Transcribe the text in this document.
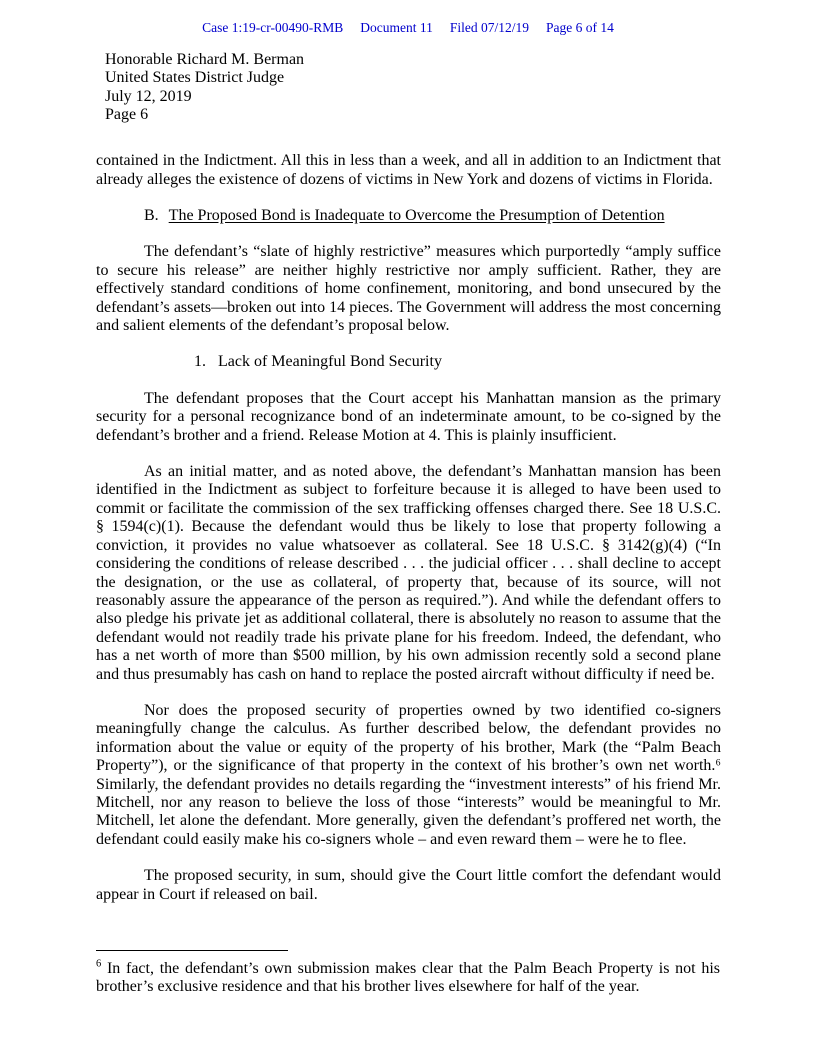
Case 1:19-cr-00490-RMB Document 11 Filed 07/12/19 Page 6 of 14
Honorable Richard M. Berman
United States District Judge
July 12, 2019
Page 6

contained in the Indictment. All this in less than a week, and all in addition to an Indictment that already alleges the existence of dozens of victims in New York and dozens of victims in Florida.

B. The Proposed Bond is Inadequate to Overcome the Presumption of Detention

The defendant’s “slate of highly restrictive” measures which purportedly “amply suffice to secure his release” are neither highly restrictive nor amply sufficient. Rather, they are effectively standard conditions of home confinement, monitoring, and bond unsecured by the defendant’s assets—broken out into 14 pieces. The Government will address the most concerning and salient elements of the defendant’s proposal below.

1. Lack of Meaningful Bond Security

The defendant proposes that the Court accept his Manhattan mansion as the primary security for a personal recognizance bond of an indeterminate amount, to be co-signed by the defendant’s brother and a friend. Release Motion at 4. This is plainly insufficient.

As an initial matter, and as noted above, the defendant’s Manhattan mansion has been identified in the Indictment as subject to forfeiture because it is alleged to have been used to commit or facilitate the commission of the sex trafficking offenses charged there. See 18 U.S.C. § 1594(c)(1). Because the defendant would thus be likely to lose that property following a conviction, it provides no value whatsoever as collateral. See 18 U.S.C. § 3142(g)(4) (“In considering the conditions of release described . . . the judicial officer . . . shall decline to accept the designation, or the use as collateral, of property that, because of its source, will not reasonably assure the appearance of the person as required.”). And while the defendant offers to also pledge his private jet as additional collateral, there is absolutely no reason to assume that the defendant would not readily trade his private plane for his freedom. Indeed, the defendant, who has a net worth of more than $500 million, by his own admission recently sold a second plane and thus presumably has cash on hand to replace the posted aircraft without difficulty if need be.

Nor does the proposed security of properties owned by two identified co-signers meaningfully change the calculus. As further described below, the defendant provides no information about the value or equity of the property of his brother, Mark (the “Palm Beach Property”), or the significance of that property in the context of his brother’s own net worth.⁶ Similarly, the defendant provides no details regarding the “investment interests” of his friend Mr. Mitchell, nor any reason to believe the loss of those “interests” would be meaningful to Mr. Mitchell, let alone the defendant. More generally, given the defendant’s proffered net worth, the defendant could easily make his co-signers whole – and even reward them – were he to flee.

The proposed security, in sum, should give the Court little comfort the defendant would appear in Court if released on bail.

$^6$ In fact, the defendant’s own submission makes clear that the Palm Beach Property is not his brother’s exclusive residence and that his brother lives elsewhere for half of the year.
